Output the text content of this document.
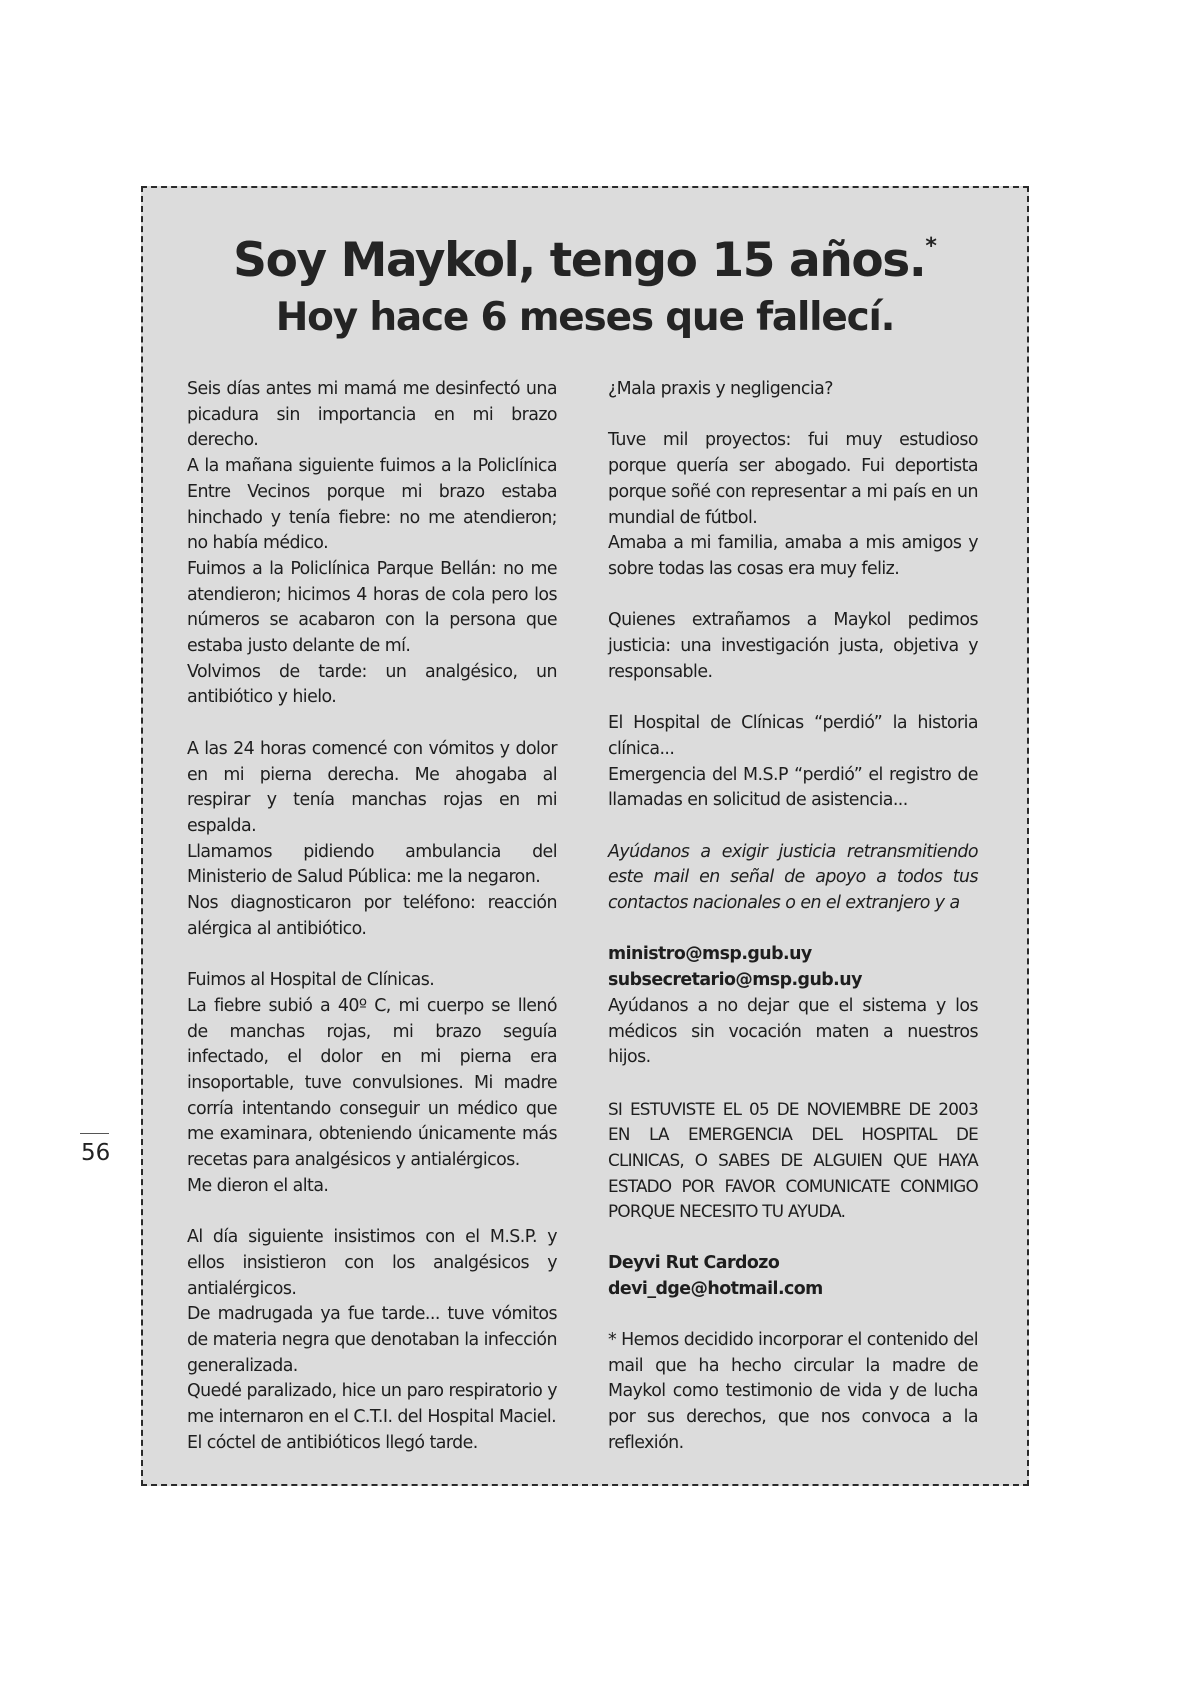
Soy Maykol, tengo 15 años.*
Hoy hace 6 meses que fallecí.

Seis días antes mi mamá me desinfectó una picadura sin importancia en mi brazo derecho.

A la mañana siguiente fuimos a la Policlínica Entre Vecinos porque mi brazo estaba hinchado y tenía fiebre: no me atendieron; no había médico.

Fuimos a la Policlínica Parque Bellán: no me atendieron; hicimos 4 horas de cola pero los números se acabaron con la persona que estaba justo delante de mí.

Volvimos de tarde: un analgésico, un antibiótico y hielo.

A las 24 horas comencé con vómitos y dolor en mi pierna derecha. Me ahogaba al respirar y tenía manchas rojas en mi espalda.

Llamamos pidiendo ambulancia del Ministerio de Salud Pública: me la negaron.

Nos diagnosticaron por teléfono: reacción alérgica al antibiótico.

Fuimos al Hospital de Clínicas.

La fiebre subió a 40º C, mi cuerpo se llenó de manchas rojas, mi brazo seguía infectado, el dolor en mi pierna era insoportable, tuve convulsiones. Mi madre corría intentando conseguir un médico que me examinara, obteniendo únicamente más recetas para analgésicos y antialérgicos.

Me dieron el alta.

Al día siguiente insistimos con el M.S.P. y ellos insistieron con los analgésicos y antialérgicos.

De madrugada ya fue tarde... tuve vómitos de materia negra que denotaban la infección generalizada.

Quedé paralizado, hice un paro respiratorio y me internaron en el C.T.I. del Hospital Maciel.

El cóctel de antibióticos llegó tarde.

¿Mala praxis y negligencia?

Tuve mil proyectos: fui muy estudioso porque quería ser abogado. Fui deportista porque soñé con representar a mi país en un mundial de fútbol.

Amaba a mi familia, amaba a mis amigos y sobre todas las cosas era muy feliz.

Quienes extrañamos a Maykol pedimos justicia: una investigación justa, objetiva y responsable.

El Hospital de Clínicas “perdió” la historia clínica...

Emergencia del M.S.P “perdió” el registro de llamadas en solicitud de asistencia...

Ayúdanos a exigir justicia retransmitiendo este mail en señal de apoyo a todos tus contactos nacionales o en el extranjero y a

ministro@msp.gub.uy

subsecretario@msp.gub.uy

Ayúdanos a no dejar que el sistema y los médicos sin vocación maten a nuestros hijos.

SI ESTUVISTE EL 05 DE NOVIEMBRE DE 2003 EN LA EMERGENCIA DEL HOSPITAL DE CLINICAS, O SABES DE ALGUIEN QUE HAYA ESTADO POR FAVOR COMUNICATE CONMIGO PORQUE NECESITO TU AYUDA.

Deyvi Rut Cardozo

devi_dge@hotmail.com

* Hemos decidido incorporar el contenido del mail que ha hecho circular la madre de Maykol como testimonio de vida y de lucha por sus derechos, que nos convoca a la reflexión.

56
